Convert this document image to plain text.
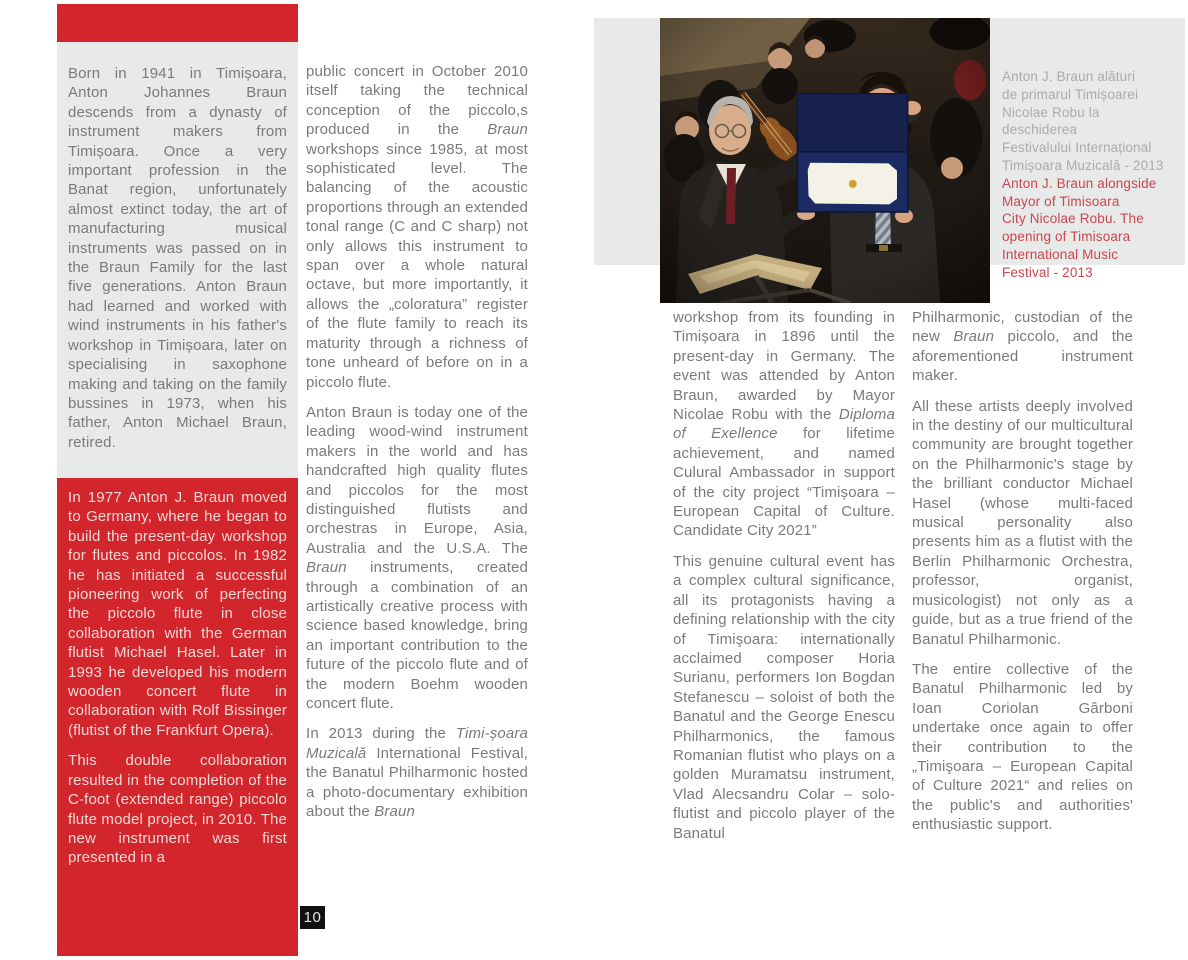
Born in 1941 in Timișoara, Anton Johannes Braun descends from a dynasty of instrument makers from Timișoara. Once a very important profession in the Banat region, unfortunately almost extinct today, the art of manufacturing musical instruments was passed on in the Braun Family for the last five generations. Anton Braun had learned and worked with wind instruments in his father's workshop in Timișoara, later on specialising in saxophone making and taking on the family bussines in 1973, when his father, Anton Michael Braun, retired.

In 1977 Anton J. Braun moved to Germany, where he began to build the present-day workshop for flutes and piccolos. In 1982 he has initiated a successful pioneering work of perfecting the piccolo flute in close collaboration with the German flutist Michael Hasel. Later in 1993 he developed his modern wooden concert flute in collaboration with Rolf Bissinger (flutist of the Frankfurt Opera).

This double collaboration resulted in the completion of the C-foot (extended range) piccolo flute model project, in 2010. The new instrument was first presented in a

public concert in October 2010 itself taking the technical conception of the piccolo,s produced in the Braun workshops since 1985, at most sophisticated level. The balancing of the acoustic proportions through an extended tonal range (C and C sharp) not only allows this instrument to span over a whole natural octave, but more importantly, it allows the „coloratura” register of the flute family to reach its maturity through a richness of tone unheard of before on in a piccolo flute.

Anton Braun is today one of the leading wood-wind instrument makers in the world and has handcrafted high quality flutes and piccolos for the most distinguished flutists and orchestras in Europe, Asia, Australia and the U.S.A. The Braun instruments, created through a combination of an artistically creative process with science based knowledge, bring an important contribution to the future of the piccolo flute and of the modern Boehm wooden concert flute.

In 2013 during the Timi-șoara Muzicală International Festival, the Banatul Philharmonic hosted a photo-documentary exhibition about the Braun

Anton J. Braun alături
de primarul Timișoarei
Nicolae Robu la
deschiderea
Festivalului Internațional
Timișoara Muzicală - 2013
Anton J. Braun alongside
Mayor of Timisoara
City Nicolae Robu. The
opening of Timisoara
International Music
Festival - 2013

workshop from its founding in Timișoara in 1896 until the present-day in Germany. The event was attended by Anton Braun, awarded by Mayor Nicolae Robu with the Diploma of Exellence for lifetime achievement, and named Culural Ambassador in support of the city project “Timișoara – European Capital of Culture. Candidate City 2021”

This genuine cultural event has a complex cultural significance, all its protagonists having a defining relationship with the city of Timişoara: internationally acclaimed composer Horia Surianu, performers Ion Bogdan Stefanescu – soloist of both the Banatul and the George Enescu Philharmonics, the famous Romanian flutist who plays on a golden Muramatsu instrument, Vlad Alecsandru Colar – solo-flutist and piccolo player of the Banatul

Philharmonic, custodian of the new Braun piccolo, and the aforementioned instrument maker.

All these artists deeply involved in the destiny of our multicultural community are brought together on the Philharmonic's stage by the brilliant conductor Michael Hasel (whose multi-faced musical personality also presents him as a flutist with the Berlin Philharmonic Orchestra, professor, organist, musicologist) not only as a guide, but as a true friend of the Banatul Philharmonic.

The entire collective of the Banatul Philharmonic led by Ioan Coriolan Gârboni undertake once again to offer their contribution to the „Timişoara – European Capital of Culture 2021“ and relies on the public's and authorities' enthusiastic support.

10
